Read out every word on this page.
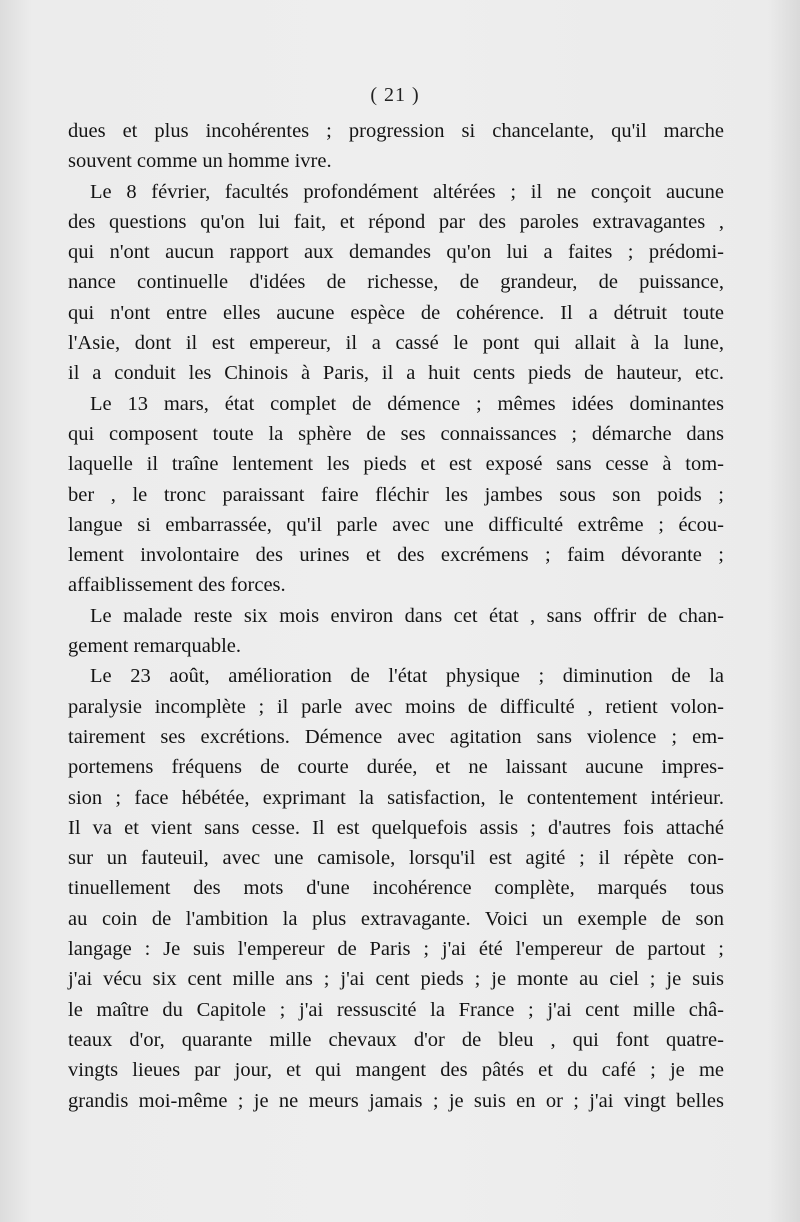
( 21 )
dues et plus incohérentes ; progression si chancelante, qu'il marche
souvent comme un homme ivre.
Le 8 février, facultés profondément altérées ; il ne conçoit aucune
des questions qu'on lui fait, et répond par des paroles extravagantes ,
qui n'ont aucun rapport aux demandes qu'on lui a faites ; prédomi-
nance continuelle d'idées de richesse, de grandeur, de puissance,
qui n'ont entre elles aucune espèce de cohérence. Il a détruit toute
l'Asie, dont il est empereur, il a cassé le pont qui allait à la lune,
il a conduit les Chinois à Paris, il a huit cents pieds de hauteur, etc.
Le 13 mars, état complet de démence ; mêmes idées dominantes
qui composent toute la sphère de ses connaissances ; démarche dans
laquelle il traîne lentement les pieds et est exposé sans cesse à tom-
ber , le tronc paraissant faire fléchir les jambes sous son poids ;
langue si embarrassée, qu'il parle avec une difficulté extrême ; écou-
lement involontaire des urines et des excrémens ; faim dévorante ;
affaiblissement des forces.
Le malade reste six mois environ dans cet état , sans offrir de chan-
gement remarquable.
Le 23 août, amélioration de l'état physique ; diminution de la
paralysie incomplète ; il parle avec moins de difficulté , retient volon-
tairement ses excrétions. Démence avec agitation sans violence ; em-
portemens fréquens de courte durée, et ne laissant aucune impres-
sion ; face hébétée, exprimant la satisfaction, le contentement intérieur.
Il va et vient sans cesse. Il est quelquefois assis ; d'autres fois attaché
sur un fauteuil, avec une camisole, lorsqu'il est agité ; il répète con-
tinuellement des mots d'une incohérence complète, marqués tous
au coin de l'ambition la plus extravagante. Voici un exemple de son
langage : Je suis l'empereur de Paris ; j'ai été l'empereur de partout ;
j'ai vécu six cent mille ans ; j'ai cent pieds ; je monte au ciel ; je suis
le maître du Capitole ; j'ai ressuscité la France ; j'ai cent mille châ-
teaux d'or, quarante mille chevaux d'or de bleu , qui font quatre-
vingts lieues par jour, et qui mangent des pâtés et du café ; je me
grandis moi-même ; je ne meurs jamais ; je suis en or ; j'ai vingt belles
